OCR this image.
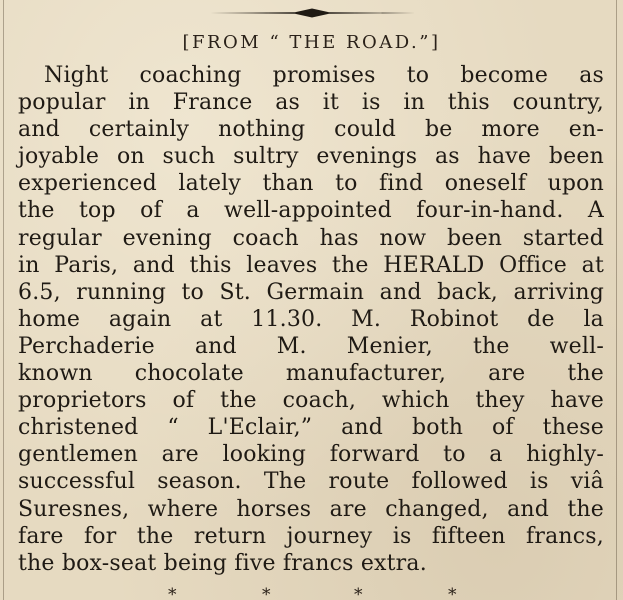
[FROM “ THE ROAD.”]
Night coaching promises to become as
popular in France as it is in this country,
and certainly nothing could be more en-
joyable on such sultry evenings as have been
experienced lately than to find oneself upon
the top of a well-appointed four-in-hand. A
regular evening coach has now been started
in Paris, and this leaves the HERALD Office at
6.5, running to St. Germain and back, arriving
home again at 11.30. M. Robinot de la
Perchaderie and M. Menier, the well-
known chocolate manufacturer, are the
proprietors of the coach, which they have
christened “ L'Eclair,” and both of these
gentlemen are looking forward to a highly-
successful season. The route followed is viâ
Suresnes, where horses are changed, and the
fare for the return journey is fifteen francs,
the box-seat being five francs extra.
*	*	*	*
